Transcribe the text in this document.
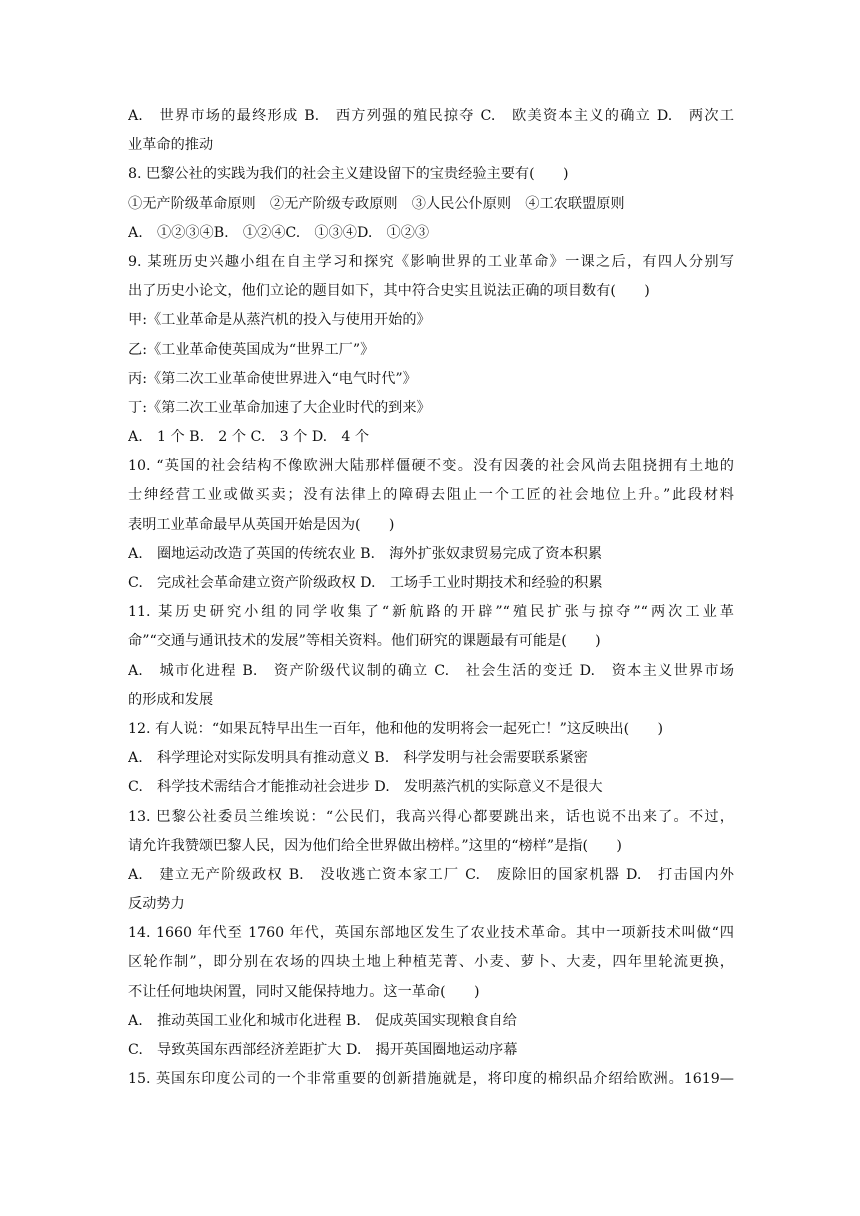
A.　世界市场的最终形成 B.　西方列强的殖民掠夺 C.　欧美资本主义的确立 D.　两次工
业革命的推动
8. 巴黎公社的实践为我们的社会主义建设留下的宝贵经验主要有(　　)
①无产阶级革命原则　②无产阶级专政原则　③人民公仆原则　④工农联盟原则
A.　①②③④B.　①②④C.　①③④D.　①②③
9. 某班历史兴趣小组在自主学习和探究《影响世界的工业革命》一课之后，有四人分别写
出了历史小论文，他们立论的题目如下，其中符合史实且说法正确的项目数有(　　)
甲:《工业革命是从蒸汽机的投入与使用开始的》
乙:《工业革命使英国成为“世界工厂”》
丙:《第二次工业革命使世界进入“电气时代”》
丁:《第二次工业革命加速了大企业时代的到来》
A.　1 个 B.　2 个 C.　3 个 D.　4 个
10. “英国的社会结构不像欧洲大陆那样僵硬不变。没有因袭的社会风尚去阻挠拥有土地的
士绅经营工业或做买卖；没有法律上的障碍去阻止一个工匠的社会地位上升。”此段材料
表明工业革命最早从英国开始是因为(　　)
A.　圈地运动改造了英国的传统农业 B.　海外扩张奴隶贸易完成了资本积累
C.　完成社会革命建立资产阶级政权 D.　工场手工业时期技术和经验的积累
11. 某历史研究小组的同学收集了“新航路的开辟”“殖民扩张与掠夺”“两次工业革
命”“交通与通讯技术的发展”等相关资料。他们研究的课题最有可能是(　　)
A.　城市化进程 B.　资产阶级代议制的确立 C.　社会生活的变迁 D.　资本主义世界市场
的形成和发展
12. 有人说：“如果瓦特早出生一百年，他和他的发明将会一起死亡！”这反映出(　　)
A.　科学理论对实际发明具有推动意义 B.　科学发明与社会需要联系紧密
C.　科学技术需结合才能推动社会进步 D.　发明蒸汽机的实际意义不是很大
13. 巴黎公社委员兰维埃说：“公民们，我高兴得心都要跳出来，话也说不出来了。不过，
请允许我赞颂巴黎人民，因为他们给全世界做出榜样。”这里的“榜样”是指(　　)
A.　建立无产阶级政权 B.　没收逃亡资本家工厂 C.　废除旧的国家机器 D.　打击国内外
反动势力
14. 1660 年代至 1760 年代，英国东部地区发生了农业技术革命。其中一项新技术叫做“四
区轮作制”，即分别在农场的四块土地上种植芜菁、小麦、萝卜、大麦，四年里轮流更换，
不让任何地块闲置，同时又能保持地力。这一革命(　　)
A.　推动英国工业化和城市化进程 B.　促成英国实现粮食自给
C.　导致英国东西部经济差距扩大 D.　揭开英国圈地运动序幕
15. 英国东印度公司的一个非常重要的创新措施就是，将印度的棉织品介绍给欧洲。1619—
